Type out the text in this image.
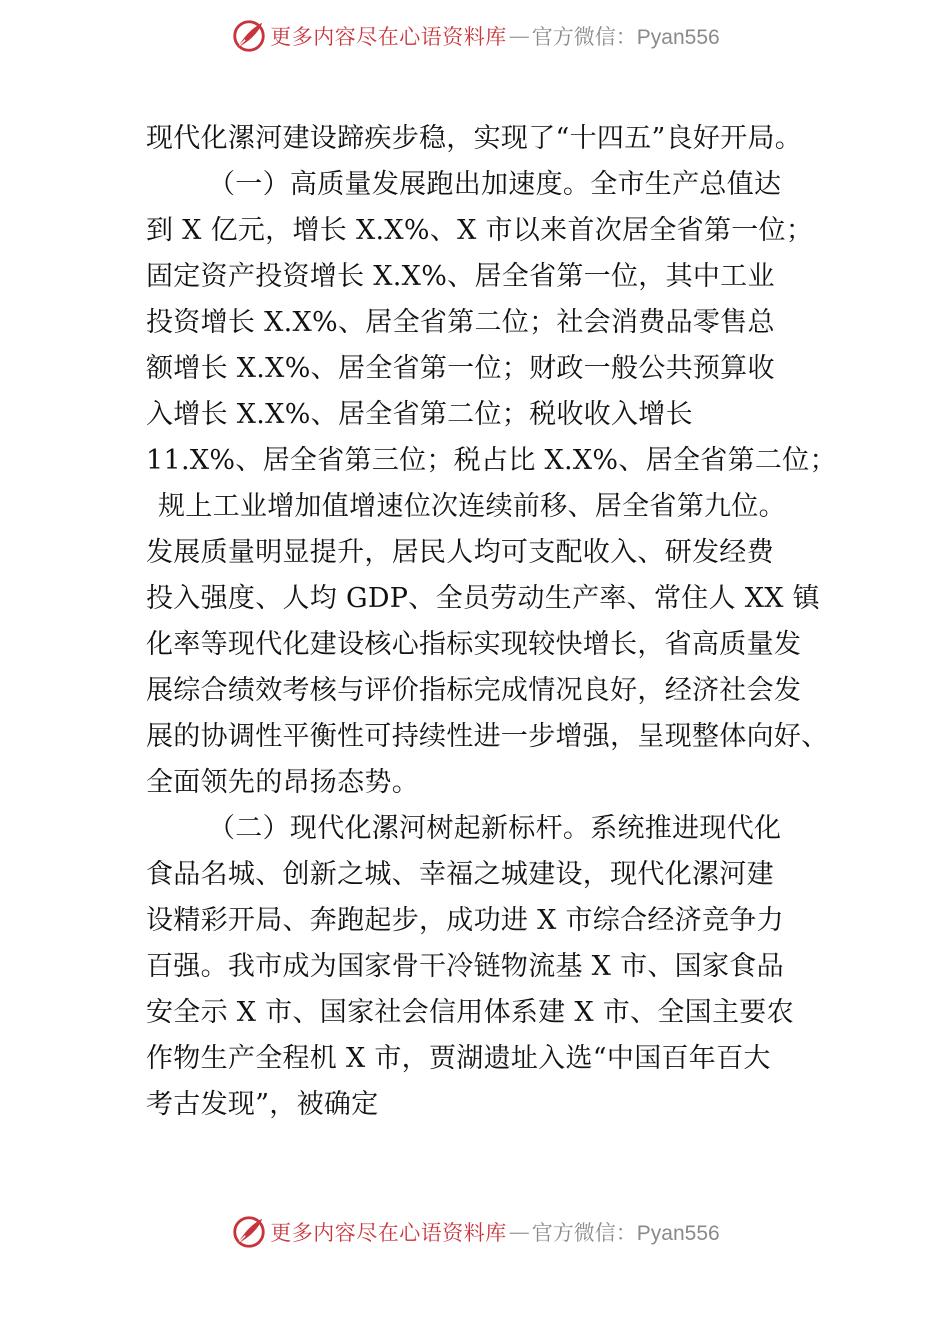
更多内容尽在心语资料库 — 官方微信：Pyan556
现代化漯河建设蹄疾步稳，实现了“十四五”良好开局。
（一）高质量发展跑出加速度。全市生产总值达
到 X 亿元，增长 X.X%、X 市以来首次居全省第一位；
固定资产投资增长 X.X%、居全省第一位，其中工业
投资增长 X.X%、居全省第二位；社会消费品零售总
额增长 X.X%、居全省第一位；财政一般公共预算收
入增长 X.X%、居全省第二位；税收收入增长
11.X%、居全省第三位；税占比 X.X%、居全省第二位；
规上工业增加值增速位次连续前移、居全省第九位。
发展质量明显提升，居民人均可支配收入、研发经费
投入强度、人均 GDP、全员劳动生产率、常住人 XX 镇
化率等现代化建设核心指标实现较快增长，省高质量发
展综合绩效考核与评价指标完成情况良好，经济社会发
展的协调性平衡性可持续性进一步增强，呈现整体向好、
全面领先的昂扬态势。
（二）现代化漯河树起新标杆。系统推进现代化
食品名城、创新之城、幸福之城建设，现代化漯河建
设精彩开局、奔跑起步，成功进 X 市综合经济竞争力
百强。我市成为国家骨干冷链物流基 X 市、国家食品
安全示 X 市、国家社会信用体系建 X 市、全国主要农
作物生产全程机 X 市，贾湖遗址入选“中国百年百大
考古发现”，被确定
更多内容尽在心语资料库 — 官方微信：Pyan556
